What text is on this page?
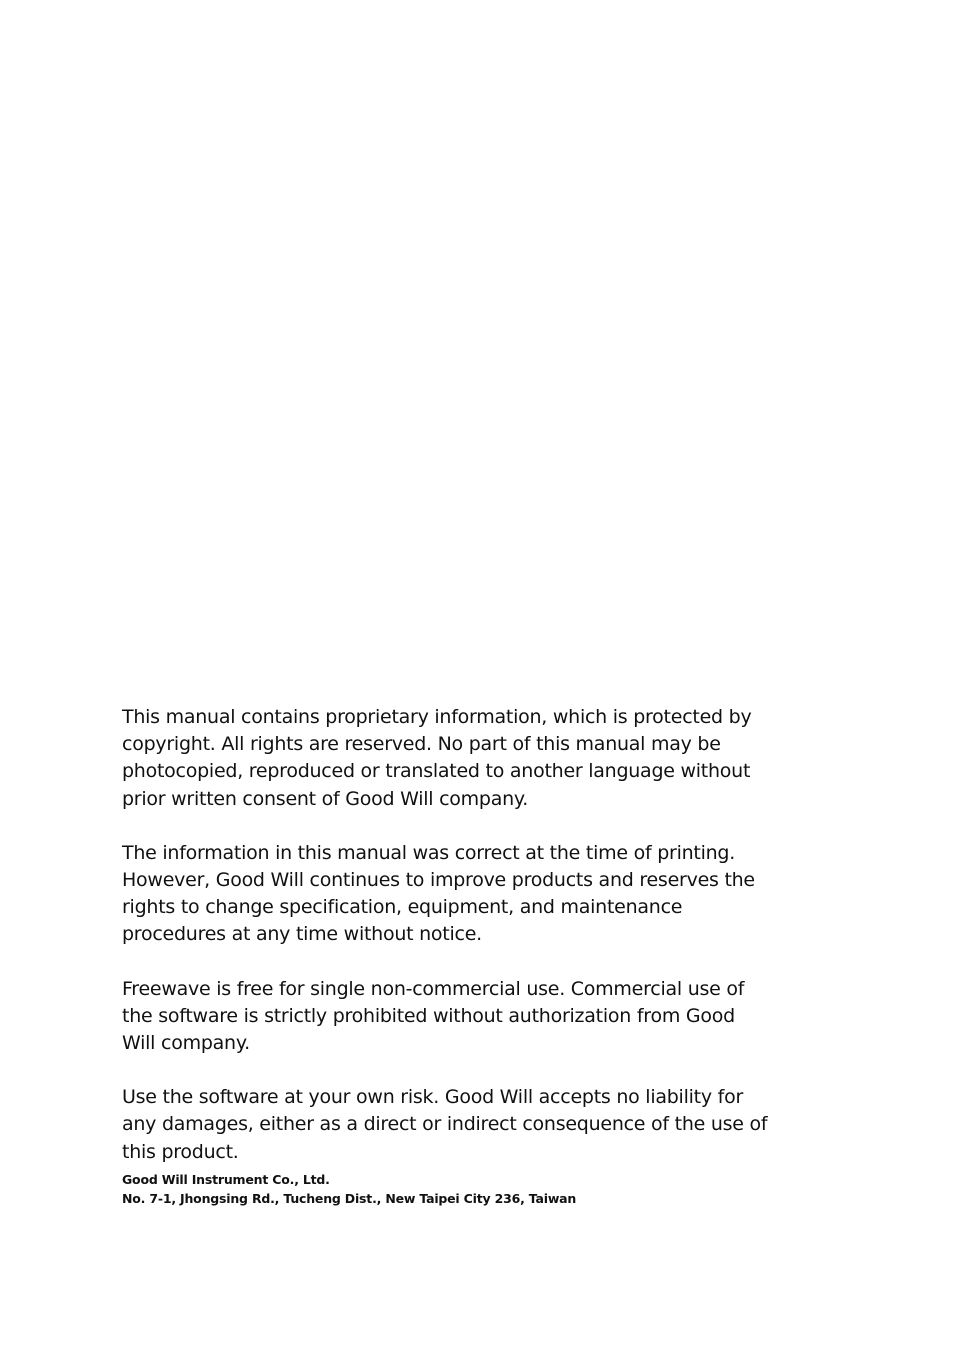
This manual contains proprietary information, which is protected by
copyright. All rights are reserved. No part of this manual may be
photocopied, reproduced or translated to another language without
prior written consent of Good Will company.

The information in this manual was correct at the time of printing.
However, Good Will continues to improve products and reserves the
rights to change specification, equipment, and maintenance
procedures at any time without notice.

Freewave is free for single non-commercial use. Commercial use of
the software is strictly prohibited without authorization from Good
Will company.

Use the software at your own risk. Good Will accepts no liability for
any damages, either as a direct or indirect consequence of the use of
this product.

Good Will Instrument Co., Ltd.
No. 7-1, Jhongsing Rd., Tucheng Dist., New Taipei City 236, Taiwan
